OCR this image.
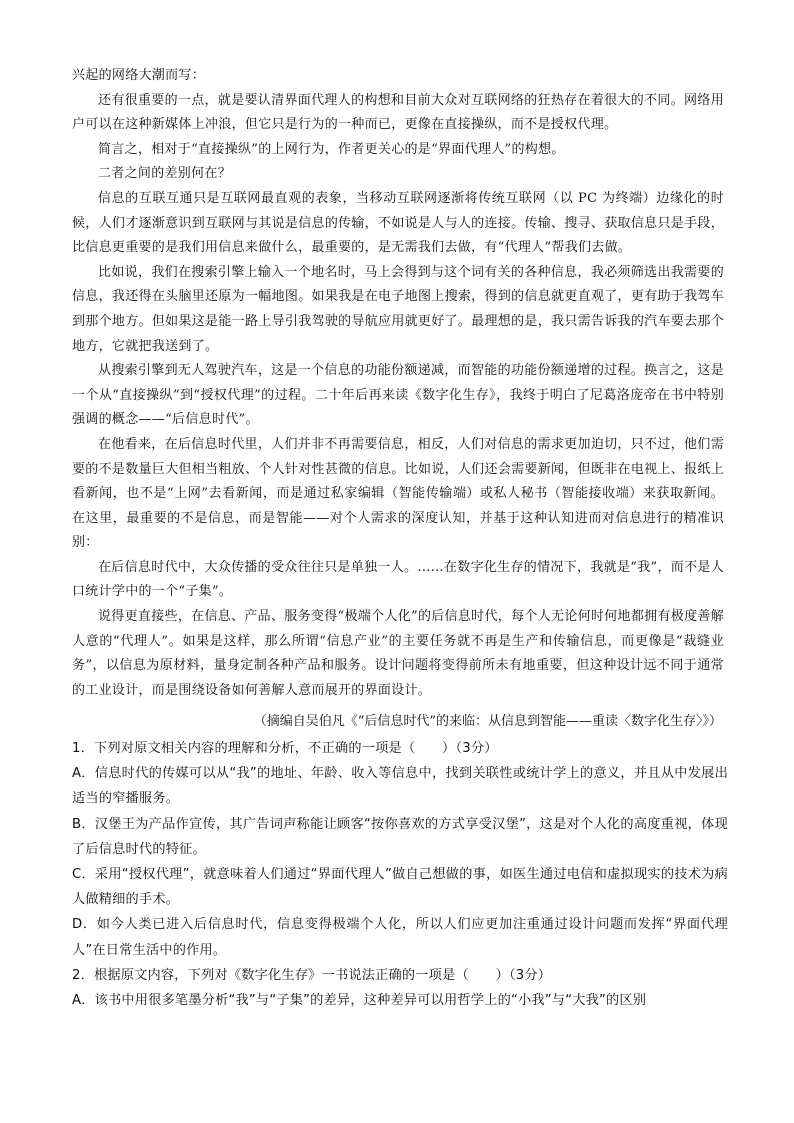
兴起的网络大潮而写：

还有很重要的一点，就是要认清界面代理人的构想和目前大众对互联网络的狂热存在着很大的不同。网络用户可以在这种新媒体上冲浪，但它只是行为的一种而已，更像在直接操纵，而不是授权代理。

简言之，相对于“直接操纵”的上网行为，作者更关心的是“界面代理人”的构想。

二者之间的差别何在？

信息的互联互通只是互联网最直观的表象，当移动互联网逐渐将传统互联网（以 PC 为终端）边缘化的时候，人们才逐渐意识到互联网与其说是信息的传输，不如说是人与人的连接。传输、搜寻、获取信息只是手段，比信息更重要的是我们用信息来做什么，最重要的，是无需我们去做，有“代理人”帮我们去做。

比如说，我们在搜索引擎上输入一个地名时，马上会得到与这个词有关的各种信息，我必须筛选出我需要的信息，我还得在头脑里还原为一幅地图。如果我是在电子地图上搜索，得到的信息就更直观了，更有助于我驾车到那个地方。但如果这是能一路上导引我驾驶的导航应用就更好了。最理想的是，我只需告诉我的汽车要去那个地方，它就把我送到了。

从搜索引擎到无人驾驶汽车，这是一个信息的功能份额递减，而智能的功能份额递增的过程。换言之，这是一个从“直接操纵”到“授权代理”的过程。二十年后再来读《数字化生存》，我终于明白了尼葛洛庞帝在书中特别强调的概念——“后信息时代”。

在他看来，在后信息时代里，人们并非不再需要信息，相反，人们对信息的需求更加迫切，只不过，他们需要的不是数量巨大但相当粗放、个人针对性甚微的信息。比如说，人们还会需要新闻，但既非在电视上、报纸上看新闻，也不是“上网”去看新闻，而是通过私家编辑（智能传输端）或私人秘书（智能接收端）来获取新闻。在这里，最重要的不是信息，而是智能——对个人需求的深度认知，并基于这种认知进而对信息进行的精准识别：

在后信息时代中，大众传播的受众往往只是单独一人。……在数字化生存的情况下，我就是“我”，而不是人口统计学中的一个“子集”。

说得更直接些，在信息、产品、服务变得“极端个人化”的后信息时代，每个人无论何时何地都拥有极度善解人意的“代理人”。如果是这样，那么所谓“信息产业”的主要任务就不再是生产和传输信息，而更像是“裁缝业务”，以信息为原材料，量身定制各种产品和服务。设计问题将变得前所未有地重要，但这种设计远不同于通常的工业设计，而是围绕设备如何善解人意而展开的界面设计。

（摘编自吴伯凡《“后信息时代”的来临：从信息到智能——重读〈数字化生存〉》）

1．下列对原文相关内容的理解和分析，不正确的一项是（　　）（3分）

A．信息时代的传媒可以从“我”的地址、年龄、收入等信息中，找到关联性或统计学上的意义，并且从中发展出适当的窄播服务。

B．汉堡王为产品作宣传，其广告词声称能让顾客“按你喜欢的方式享受汉堡”，这是对个人化的高度重视，体现了后信息时代的特征。

C．采用“授权代理”，就意味着人们通过“界面代理人”做自己想做的事，如医生通过电信和虚拟现实的技术为病人做精细的手术。

D．如今人类已进入后信息时代，信息变得极端个人化，所以人们应更加注重通过设计问题而发挥“界面代理人”在日常生活中的作用。

2．根据原文内容，下列对《数字化生存》一书说法正确的一项是（　　）（3分）

A．该书中用很多笔墨分析“我”与“子集”的差异，这种差异可以用哲学上的“小我”与“大我”的区别
